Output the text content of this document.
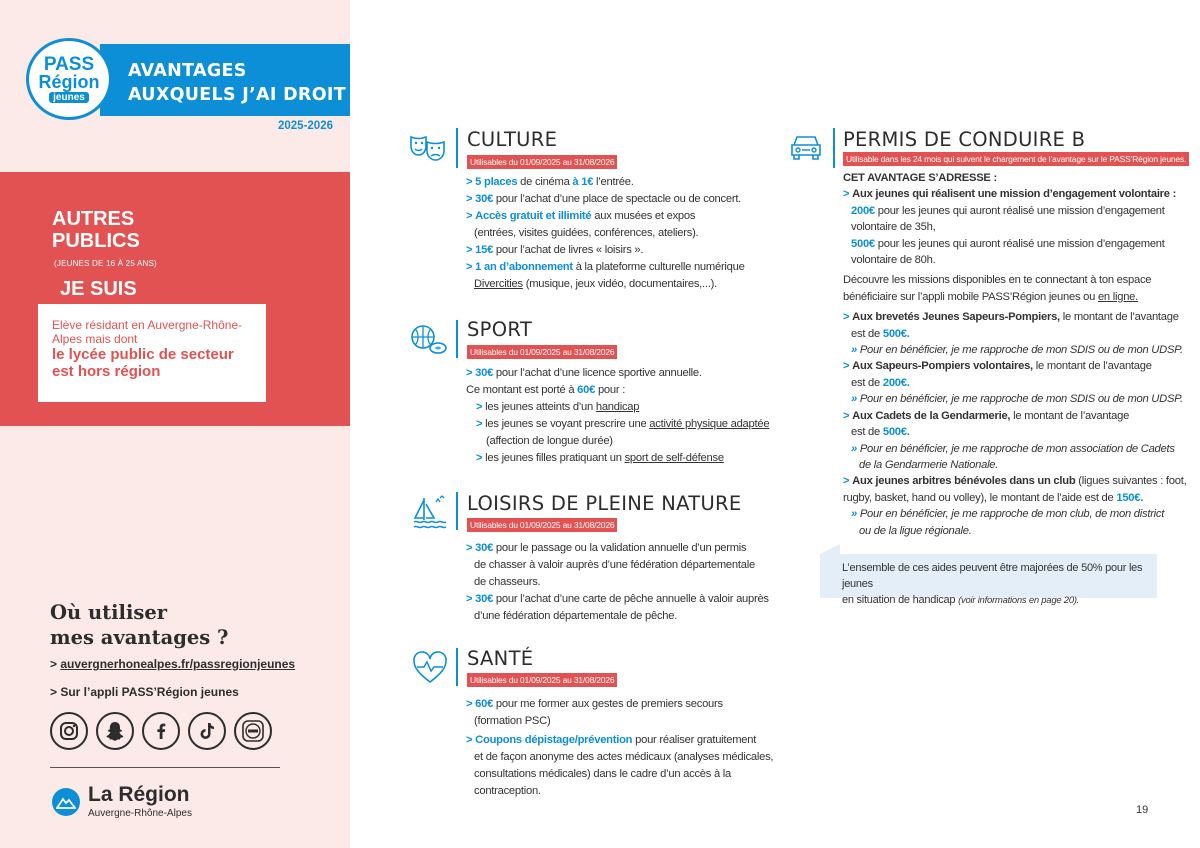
PASS
Région
jeunes
AVANTAGES
AUXQUELS J’AI DROIT
2025-2026
AUTRES
PUBLICS
(JEUNES DE 16 À 25 ANS)
JE SUIS
Elève résidant en Auvergne-Rhône-Alpes mais dont
le lycée public de secteur est hors région
Où utiliser
mes avantages ?
> auvergnerhonealpes.fr/passregionjeunes
> Sur l’appli PASS’Région jeunes
La Région
Auvergne-Rhône-Alpes
CULTURE
Utilisables du 01/09/2025 au 31/08/2026
> 5 places de cinéma à 1€ l’entrée.
> 30€ pour l’achat d’une place de spectacle ou de concert.
> Accès gratuit et illimité aux musées et expos
(entrées, visites guidées, conférences, ateliers).
> 15€ pour l’achat de livres « loisirs ».
> 1 an d’abonnement à la plateforme culturelle numérique
Divercities (musique, jeux vidéo, documentaires,...).
SPORT
Utilisables du 01/09/2025 au 31/08/2026
> 30€ pour l’achat d’une licence sportive annuelle.
Ce montant est porté à 60€ pour :
> les jeunes atteints d’un handicap
> les jeunes se voyant prescrire une activité physique adaptée
(affection de longue durée)
> les jeunes filles pratiquant un sport de self-défense
LOISIRS DE PLEINE NATURE
Utilisables du 01/09/2025 au 31/08/2026
> 30€ pour le passage ou la validation annuelle d’un permis
de chasser à valoir auprès d’une fédération départementale
de chasseurs.
> 30€ pour l’achat d’une carte de pêche annuelle à valoir auprès
d’une fédération départementale de pêche.
SANTÉ
Utilisables du 01/09/2025 au 31/08/2026
> 60€ pour me former aux gestes de premiers secours
(formation PSC)
> Coupons dépistage/prévention pour réaliser gratuitement
et de façon anonyme des actes médicaux (analyses médicales,
consultations médicales) dans le cadre d’un accès à la
contraception.
PERMIS DE CONDUIRE B
Utilisable dans les 24 mois qui suivent le chargement de l’avantage sur le PASS’Région jeunes.
CET AVANTAGE S’ADRESSE :
> Aux jeunes qui réalisent une mission d’engagement volontaire :
200€ pour les jeunes qui auront réalisé une mission d’engagement
volontaire de 35h,
500€ pour les jeunes qui auront réalisé une mission d’engagement
volontaire de 80h.
Découvre les missions disponibles en te connectant à ton espace
bénéficiaire sur l’appli mobile PASS’Région jeunes ou en ligne.
> Aux brevetés Jeunes Sapeurs-Pompiers, le montant de l’avantage
est de 500€.
» Pour en bénéficier, je me rapproche de mon SDIS ou de mon UDSP.
> Aux Sapeurs-Pompiers volontaires, le montant de l’avantage
est de 200€.
» Pour en bénéficier, je me rapproche de mon SDIS ou de mon UDSP.
> Aux Cadets de la Gendarmerie, le montant de l’avantage
est de 500€.
» Pour en bénéficier, je me rapproche de mon association de Cadets
de la Gendarmerie Nationale.
> Aux jeunes arbitres bénévoles dans un club (ligues suivantes : foot,
rugby, basket, hand ou volley), le montant de l’aide est de 150€.
» Pour en bénéficier, je me rapproche de mon club, de mon district
ou de la ligue régionale.
L’ensemble de ces aides peuvent être majorées de 50% pour les jeunes
en situation de handicap (voir informations en page 20).
19
